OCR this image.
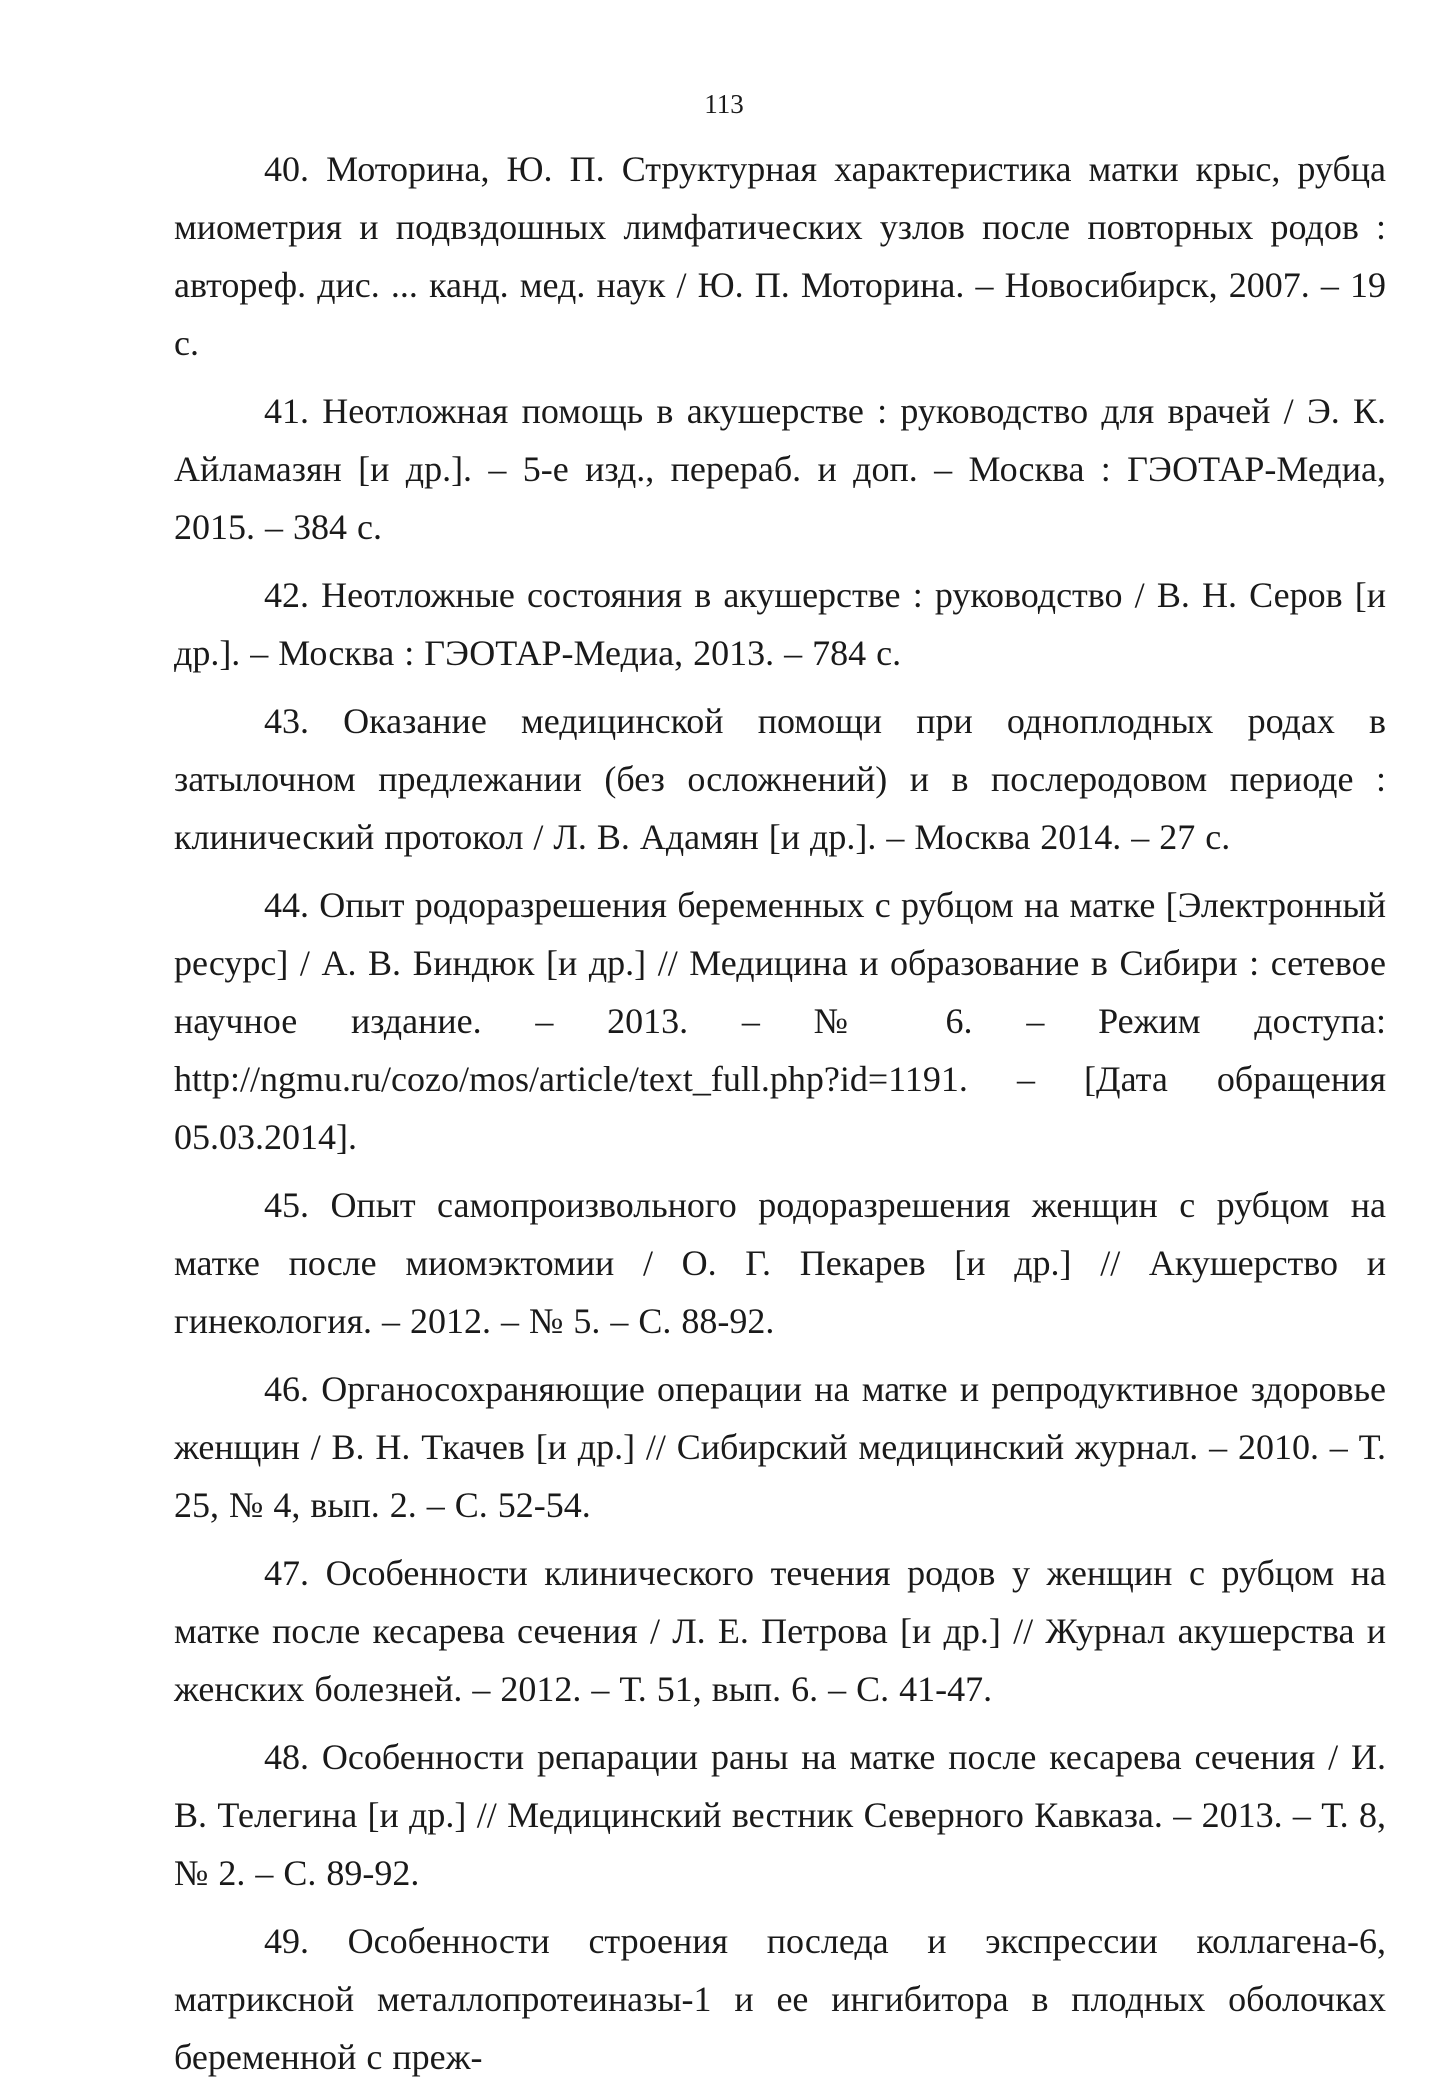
113

40. Моторина, Ю. П. Структурная характеристика матки крыс, рубца миометрия и подвздошных лимфатических узлов после повторных родов : автореф. дис. ... канд. мед. наук / Ю. П. Моторина. – Новосибирск, 2007. – 19 с.

41. Неотложная помощь в акушерстве : руководство для врачей / Э. К. Айламазян [и др.]. – 5-е изд., перераб. и доп. – Москва : ГЭОТАР-Медиа, 2015. – 384 с.

42. Неотложные состояния в акушерстве : руководство / В. Н. Серов [и др.]. – Москва : ГЭОТАР-Медиа, 2013. – 784 с.

43. Оказание медицинской помощи при одноплодных родах в затылочном предлежании (без осложнений) и в послеродовом периоде : клинический протокол / Л. В. Адамян [и др.]. – Москва 2014. – 27 с.

44. Опыт родоразрешения беременных с рубцом на матке [Электронный ресурс] / А. В. Биндюк [и др.] // Медицина и образование в Сибири : сетевое научное издание. – 2013. – № 6. – Режим доступа: http://ngmu.ru/cozo/mos/article/text_full.php?id=1191. – [Дата обращения 05.03.2014].

45. Опыт самопроизвольного родоразрешения женщин с рубцом на матке после миомэктомии / О. Г. Пекарев [и др.] // Акушерство и гинекология. – 2012. – № 5. – С. 88-92.

46. Органосохраняющие операции на матке и репродуктивное здоровье женщин / В. Н. Ткачев [и др.] // Сибирский медицинский журнал. – 2010. – Т. 25, № 4, вып. 2. – С. 52-54.

47. Особенности клинического течения родов у женщин с рубцом на матке после кесарева сечения / Л. Е. Петрова [и др.] // Журнал акушерства и женских болезней. – 2012. – Т. 51, вып. 6. – С. 41-47.

48. Особенности репарации раны на матке после кесарева сечения / И. В. Телегина [и др.] // Медицинский вестник Северного Кавказа. – 2013. – Т. 8, № 2. – С. 89-92.

49. Особенности строения последа и экспрессии коллагена-6, матриксной металлопротеиназы-1 и ее ингибитора в плодных оболочках беременной с преж-
